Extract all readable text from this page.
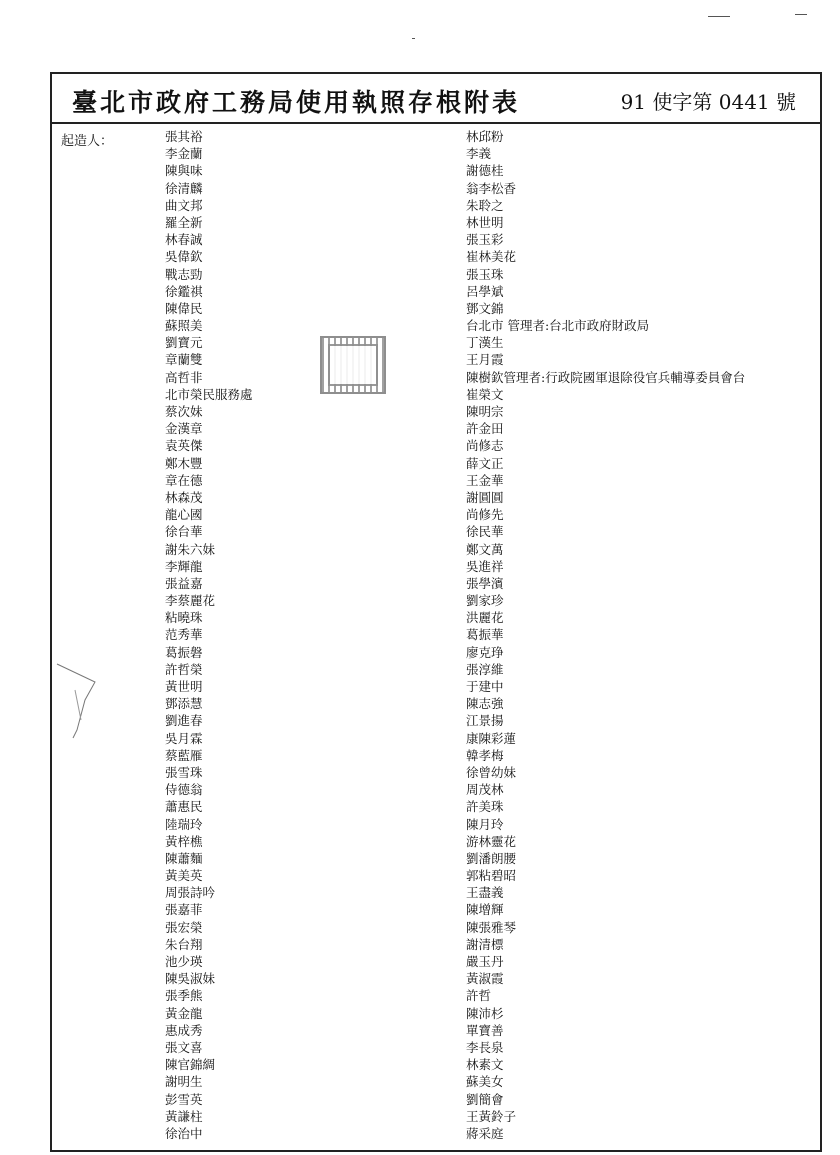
臺北市政府工務局使用執照存根附表	91 使字第 0441 號
起造人：	張其裕
李金蘭
陳與味
徐清麟
曲文邦
羅全新
林春誠
吳偉欽
戰志勁
徐鑑祺
陳偉民
蘇照美
劉寶元
章蘭雙
高哲非
北市榮民服務處
蔡次妹
金漢章
袁英傑
鄭木豐
章在德
林森茂
龍心國
徐台華
謝朱六妹
李輝龍
張益嘉
李蔡麗花
粘曉珠
范秀華
葛振磐
許哲榮
黃世明
鄧添慧
劉進春
吳月霖
蔡藍雁
張雪珠
侍德翁
蕭惠民
陸瑞玲
黃梓樵
陳蕭麵
黃美英
周張詩吟
張嘉菲
張宏榮
朱台翔
池少瑛
陳吳淑妹
張季熊
黃金龍
惠成秀
張文喜
陳官錦綢
謝明生
彭雪英
黃謙柱
徐治中
林邱粉
李義
謝德桂
翁李松香
朱聆之
林世明
張玉彩
崔林美花
張玉珠
呂學斌
鄧文錦
台北市 管理者:台北市政府財政局
丁漢生
王月霞
陳樹欽管理者:行政院國軍退除役官兵輔導委員會台
崔榮文
陳明宗
許金田
尚修志
薛文正
王金華
謝圓圓
尚修先
徐民華
鄭文萬
吳進祥
張學濱
劉家珍
洪麗花
葛振華
廖克琤
張淳維
于建中
陳志強
江景揚
康陳彩蓮
韓孝梅
徐曾幼妹
周茂林
許美珠
陳月玲
游林靈花
劉潘朗腰
郭粘碧昭
王盡義
陳增輝
陳張雅琴
謝清標
嚴玉丹
黃淑霞
許哲
陳沛杉
單寶善
李長泉
林素文
蘇美女
劉簡會
王黃鈴子
蔣采庭
